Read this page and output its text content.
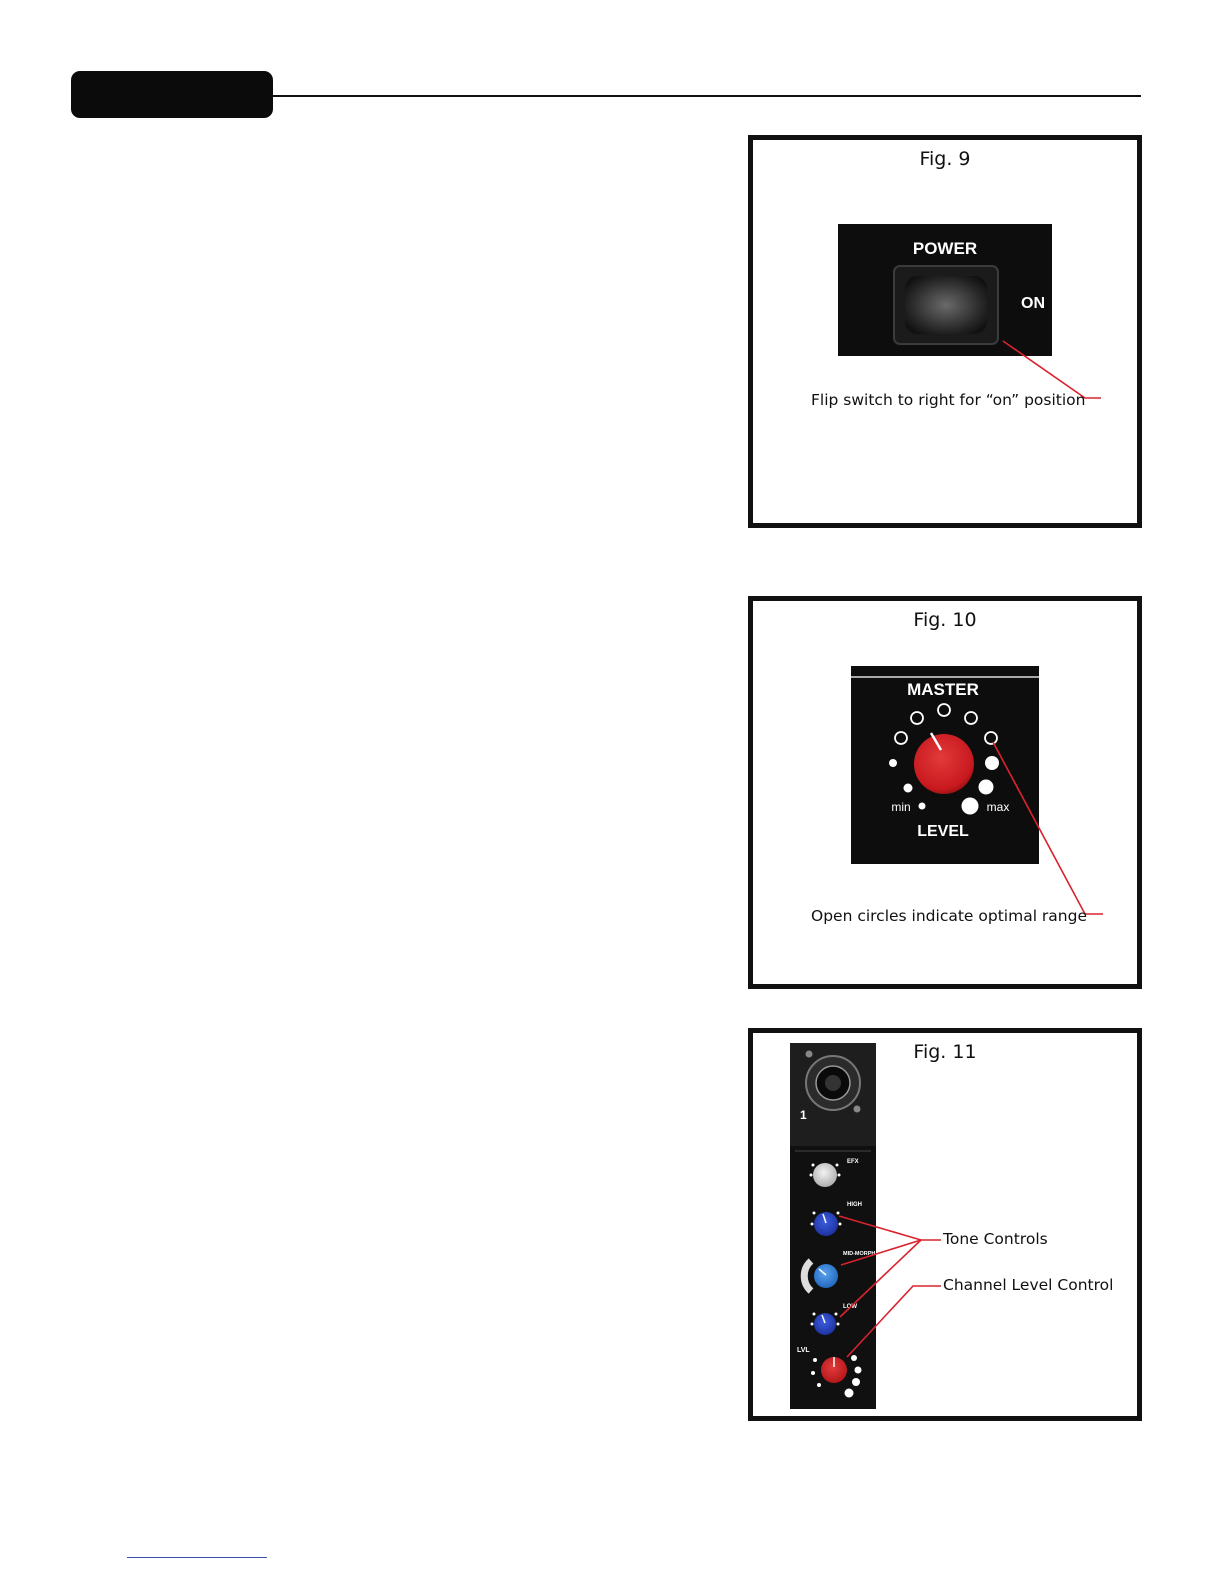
Fig. 9
POWER
ON
Flip switch to right for “on” position
Fig. 10
MASTER
min	max
LEVEL
Open circles indicate optimal range
Fig. 11
1
EFX
HIGH
MID-MORPH
LOW
LVL
Tone Controls
Channel Level Control
